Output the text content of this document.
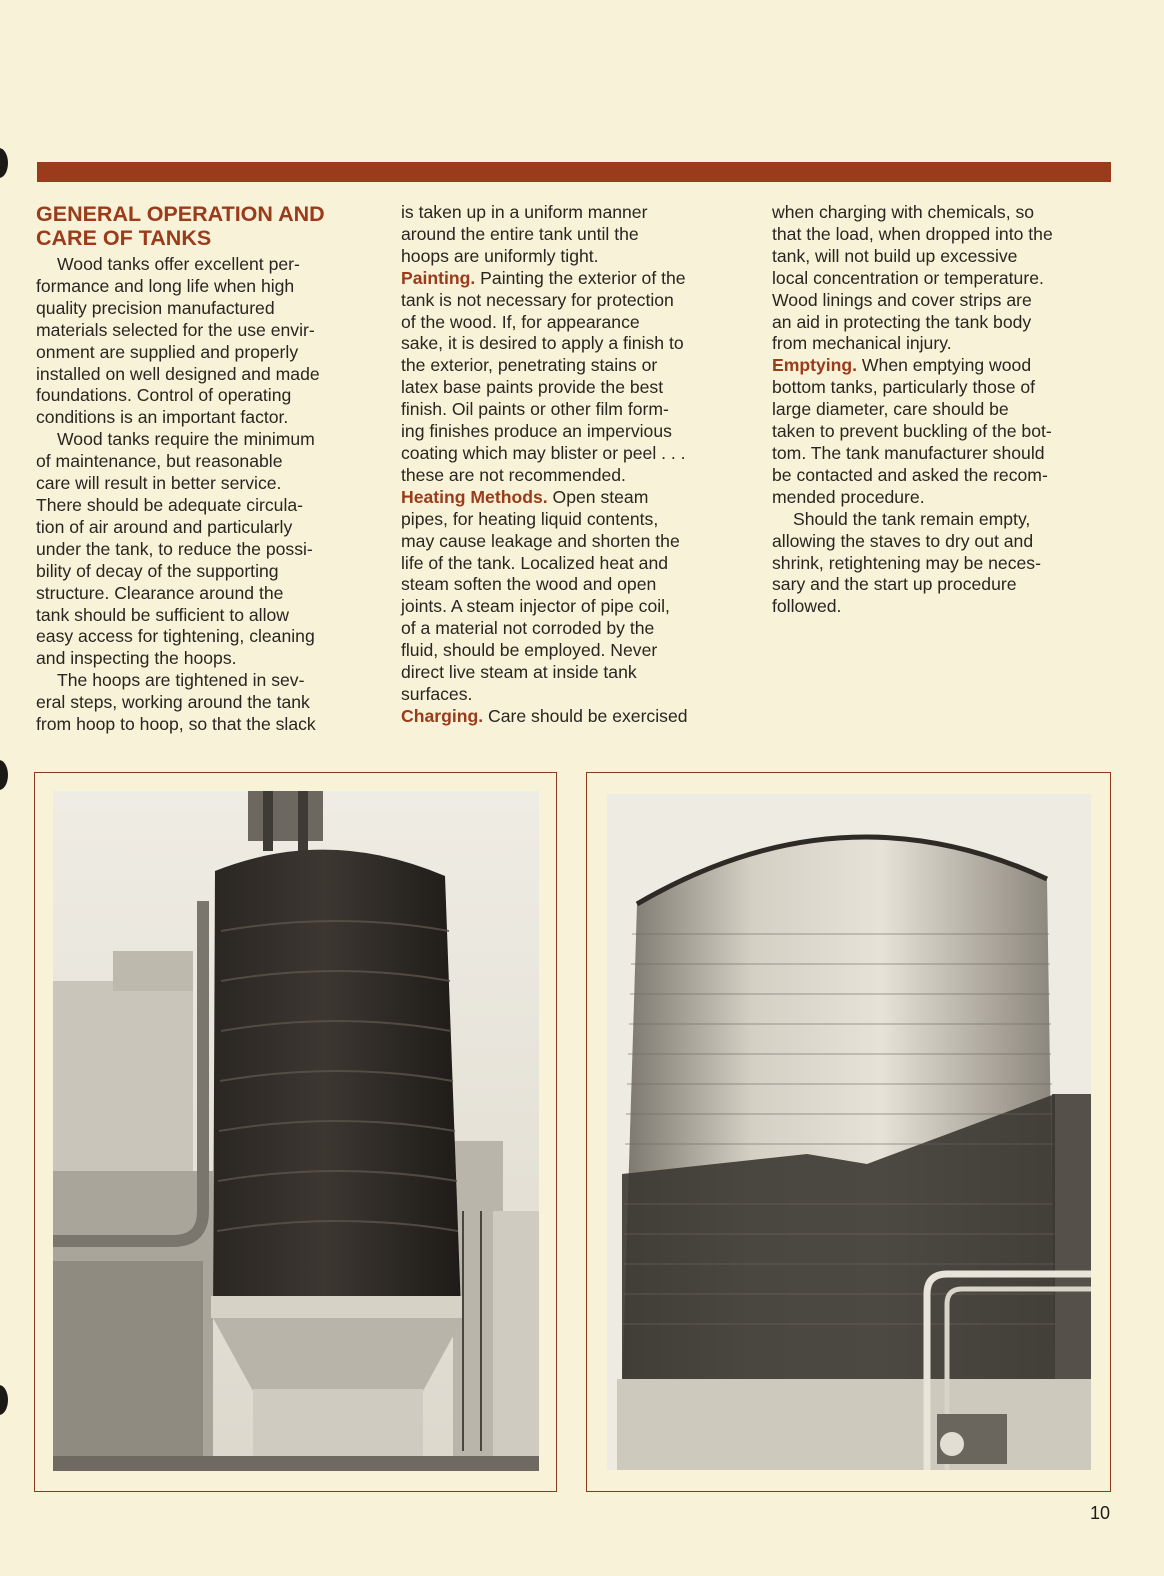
GENERAL OPERATION AND
CARE OF TANKS

Wood tanks offer excellent per-
formance and long life when high
quality precision manufactured
materials selected for the use envir-
onment are supplied and properly
installed on well designed and made
foundations. Control of operating
conditions is an important factor.

Wood tanks require the minimum
of maintenance, but reasonable
care will result in better service.
There should be adequate circula-
tion of air around and particularly
under the tank, to reduce the possi-
bility of decay of the supporting
structure. Clearance around the
tank should be sufficient to allow
easy access for tightening, cleaning
and inspecting the hoops.

The hoops are tightened in sev-
eral steps, working around the tank
from hoop to hoop, so that the slack

is taken up in a uniform manner
around the entire tank until the
hoops are uniformly tight.

Painting. Painting the exterior of the
tank is not necessary for protection
of the wood. If, for appearance
sake, it is desired to apply a finish to
the exterior, penetrating stains or
latex base paints provide the best
finish. Oil paints or other film form-
ing finishes produce an impervious
coating which may blister or peel . . .
these are not recommended.

Heating Methods. Open steam
pipes, for heating liquid contents,
may cause leakage and shorten the
life of the tank. Localized heat and
steam soften the wood and open
joints. A steam injector of pipe coil,
of a material not corroded by the
fluid, should be employed. Never
direct live steam at inside tank
surfaces.

Charging. Care should be exercised

when charging with chemicals, so
that the load, when dropped into the
tank, will not build up excessive
local concentration or temperature.
Wood linings and cover strips are
an aid in protecting the tank body
from mechanical injury.

Emptying. When emptying wood
bottom tanks, particularly those of
large diameter, care should be
taken to prevent buckling of the bot-
tom. The tank manufacturer should
be contacted and asked the recom-
mended procedure.

Should the tank remain empty,
allowing the staves to dry out and
shrink, retightening may be neces-
sary and the start up procedure
followed.

10
